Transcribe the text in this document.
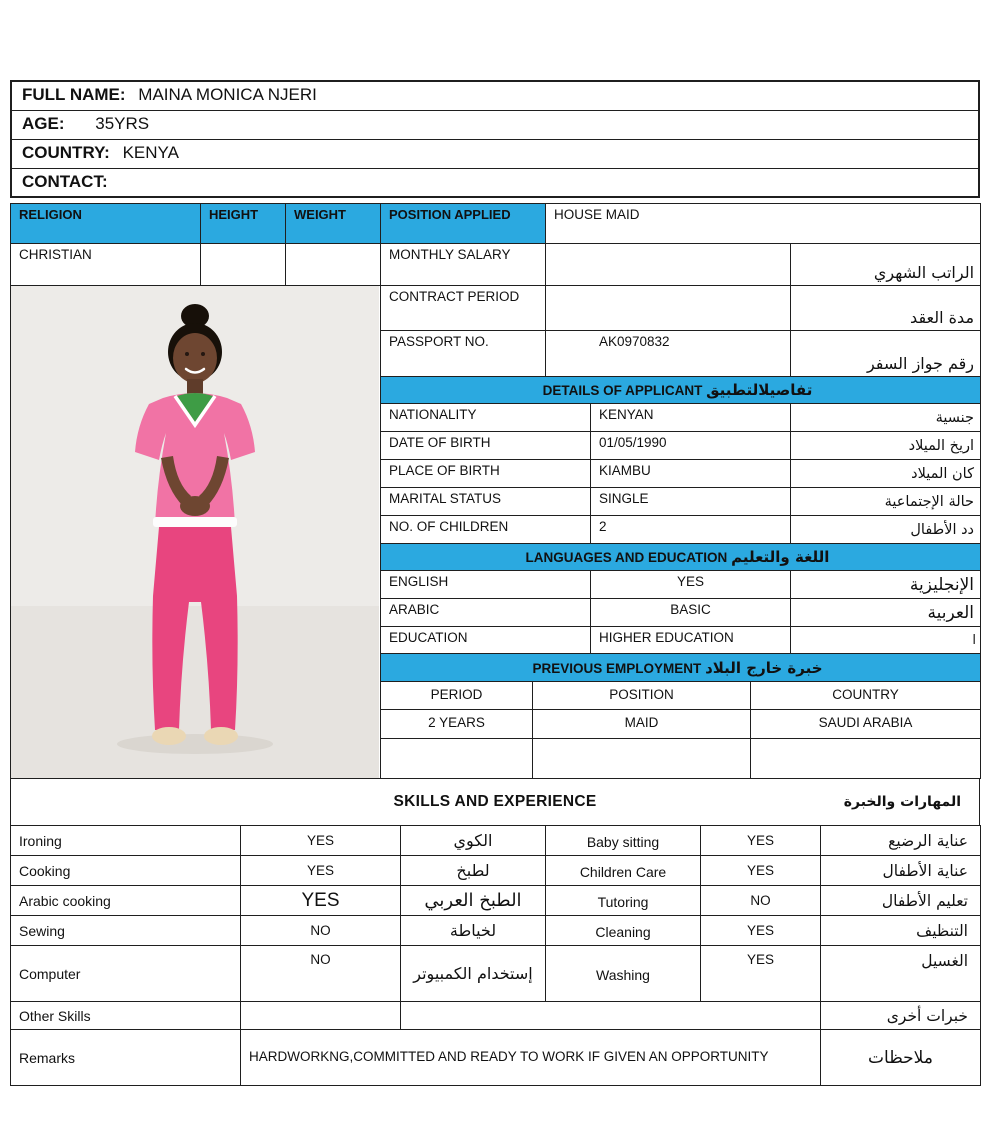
FULL NAME: MAINA MONICA NJERI
AGE: 35YRS
COUNTRY: KENYA
CONTACT:
RELIGION	HEIGHT	WEIGHT	POSITION APPLIED		HOUSE MAID			
CHRISTIAN			MONTHLY SALARY					الراتب الشهري

	CONTRACT PERIOD					مدة العقد
			PASSPORT NO.		AK0970832			رقم جواز السفر
			DETAILS OF APPLICANT تفاصيلالتطبيق					
			NATIONALITY			KENYAN		جنسية
			DATE OF BIRTH			01/05/1990		اريخ الميلاد
			PLACE OF BIRTH			KIAMBU		كان الميلاد
			MARITAL STATUS			SINGLE		حالة الإجتماعية
			NO. OF CHILDREN			2		دد الأطفال
			LANGUAGES AND EDUCATION اللغة والتعليم					
			ENGLISH			YES		الإنجليزية
			ARABIC			BASIC		العربية
			EDUCATION			HIGHER EDUCATION		ا
			PREVIOUS EMPLOYMENT خبرة خارج البلاد					
			PERIOD	POSITION			COUNTRY	
			2 YEARS	MAID			SAUDI ARABIA	

SKILLS AND EXPERIENCE	المهارات والخبرة
Ironing	YES	الكوي	Baby sitting	YES	عناية الرضيع
Cooking	YES	لطبخ	Children Care	YES	عناية الأطفال
Arabic cooking	YES	الطبخ العربي	Tutoring	NO	تعليم الأطفال
Sewing	NO	لخياطة	Cleaning	YES	التنظيف
Computer	NO	إستخدام الكمبيوتر	Washing	YES	الغسيل
Other Skills					خبرات أخرى
Remarks	HARDWORKNG,COMMITTED AND READY TO WORK IF GIVEN AN OPPORTUNITY				ملاحظات
